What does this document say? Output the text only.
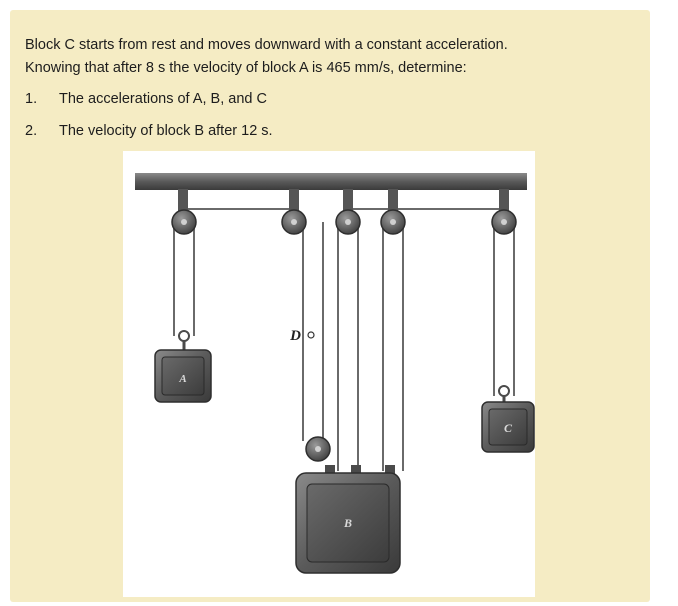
Block C starts from rest and moves downward with a constant acceleration.

Knowing that after 8 s the velocity of block A is 465 mm/s, determine:

1. The accelerations of A, B, and C
2. The velocity of block B after 12 s.
A
D
B
C
